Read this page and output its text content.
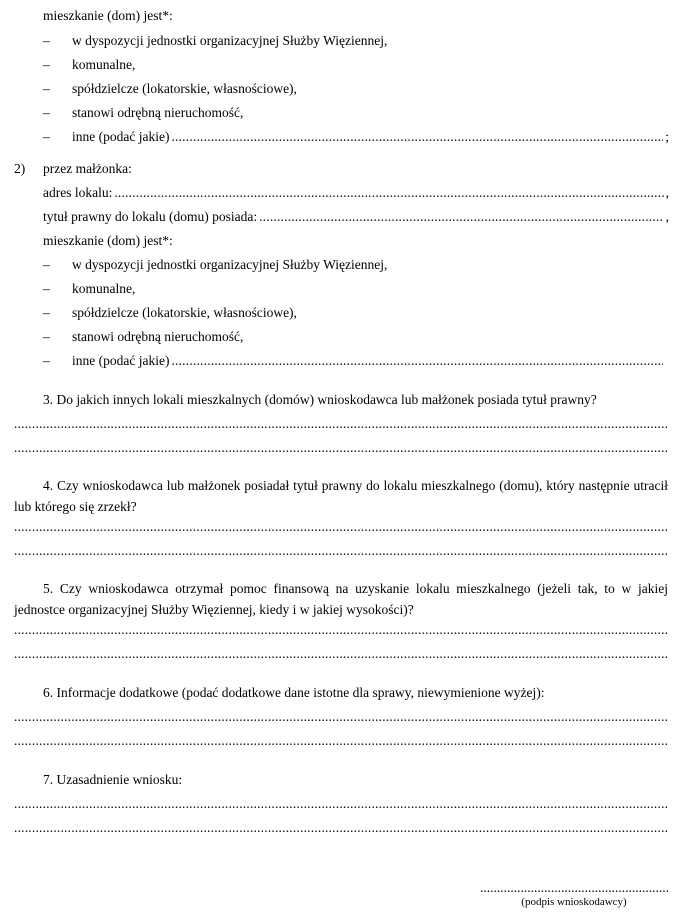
mieszkanie (dom) jest*:
– w dyspozycji jednostki organizacyjnej Służby Więziennej,
– komunalne,
– spółdzielcze (lokatorskie, własnościowe),
– stanowi odrębną nieruchomość,
–	inne (podać jakie) .....	;
2) przez małżonka:
adres lokalu: .....	,
tytuł prawny do lokalu (domu) posiada: .....	,
mieszkanie (dom) jest*:
– w dyspozycji jednostki organizacyjnej Służby Więziennej,
– komunalne,
– spółdzielcze (lokatorskie, własnościowe),
– stanowi odrębną nieruchomość,
–	inne (podać jakie)
.....
3. Do jakich innych lokali mieszkalnych (domów) wnioskodawca lub małżonek posiada tytuł prawny?
.....
.....
4. Czy wnioskodawca lub małżonek posiadał tytuł prawny do lokalu mieszkalnego (domu), który następnie utracił lub którego się zrzekł?
.....
.....
5. Czy wnioskodawca otrzymał pomoc finansową na uzyskanie lokalu mieszkalnego (jeżeli tak, to w jakiej jednostce organizacyjnej Służby Więziennej, kiedy i w jakiej wysokości)?
.....
.....
6. Informacje dodatkowe (podać dodatkowe dane istotne dla sprawy, niewymienione wyżej):
.....
.....
7. Uzasadnienie wniosku:
.....
.....
.....
(podpis wnioskodawcy)
